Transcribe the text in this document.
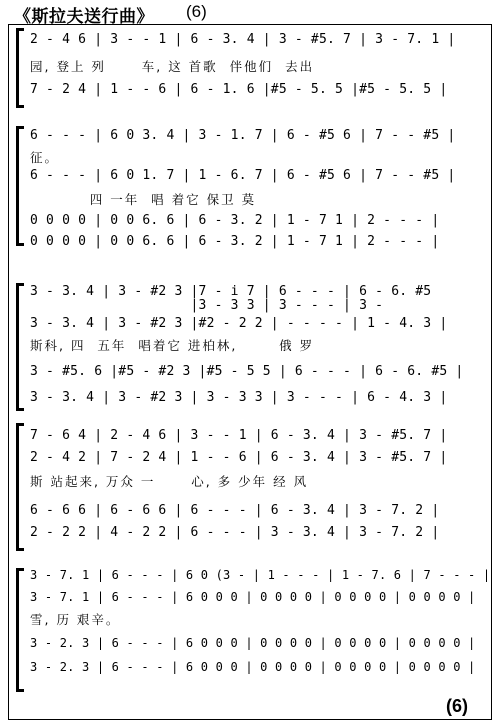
《斯拉夫送行曲》 (6)
2 - 4 6 | 3 - - 1 | 6 - 3. 4 | 3 - #5. 7 | 3 - 7. 1 |
园, 登上 列      车, 这 首歌  伴他们  去出
7 - 2 4 | 1 - - 6 | 6 - 1. 6 |#5 - 5. 5 |#5 - 5. 5 |
6 - - - | 6 0 3. 4 | 3 - 1. 7 | 6 - #5 6 | 7 - - #5 |
征。
6 - - - | 6 0 1. 7 | 1 - 6. 7 | 6 - #5 6 | 7 - - #5 |
四 一年  唱 着它 保卫 莫
0 0 0 0 | 0 0 6. 6 | 6 - 3. 2 | 1 - 7 1 | 2 - - - |
0 0 0 0 | 0 0 6. 6 | 6 - 3. 2 | 1 - 7 1 | 2 - - - |
3 - 3. 4 | 3 - #2 3 |7 - i 7 | 6 - - - | 6 - 6. #5
|3 - 3 3 | 3 - - - | 3 -
3 - 3. 4 | 3 - #2 3 |#2 - 2 2 | - - - - | 1 - 4. 3 |
斯科, 四  五年  唱着它 进柏林,       俄 罗
3 - #5. 6 |#5 - #2 3 |#5 - 5 5 | 6 - - - | 6 - 6. #5 |
3 - 3. 4 | 3 - #2 3 | 3 - 3 3 | 3 - - - | 6 - 4. 3 |
7 - 6 4 | 2 - 4 6 | 3 - - 1 | 6 - 3. 4 | 3 - #5. 7 |
2 - 4 2 | 7 - 2 4 | 1 - - 6 | 6 - 3. 4 | 3 - #5. 7 |
斯 站起来, 万众 一      心, 多 少年 经 风
6 - 6 6 | 6 - 6 6 | 6 - - - | 6 - 3. 4 | 3 - 7. 2 |
2 - 2 2 | 4 - 2 2 | 6 - - - | 3 - 3. 4 | 3 - 7. 2 |
3 - 7. 1 | 6 - - - | 6 0 (3 - | 1 - - - | 1 - 7. 6 | 7 - - - |
3 - 7. 1 | 6 - - - | 6 0 0 0 | 0 0 0 0 | 0 0 0 0 | 0 0 0 0 |
雪, 历 艰辛。
3 - 2. 3 | 6 - - - | 6 0 0 0 | 0 0 0 0 | 0 0 0 0 | 0 0 0 0 |
3 - 2. 3 | 6 - - - | 6 0 0 0 | 0 0 0 0 | 0 0 0 0 | 0 0 0 0 |
(6)
